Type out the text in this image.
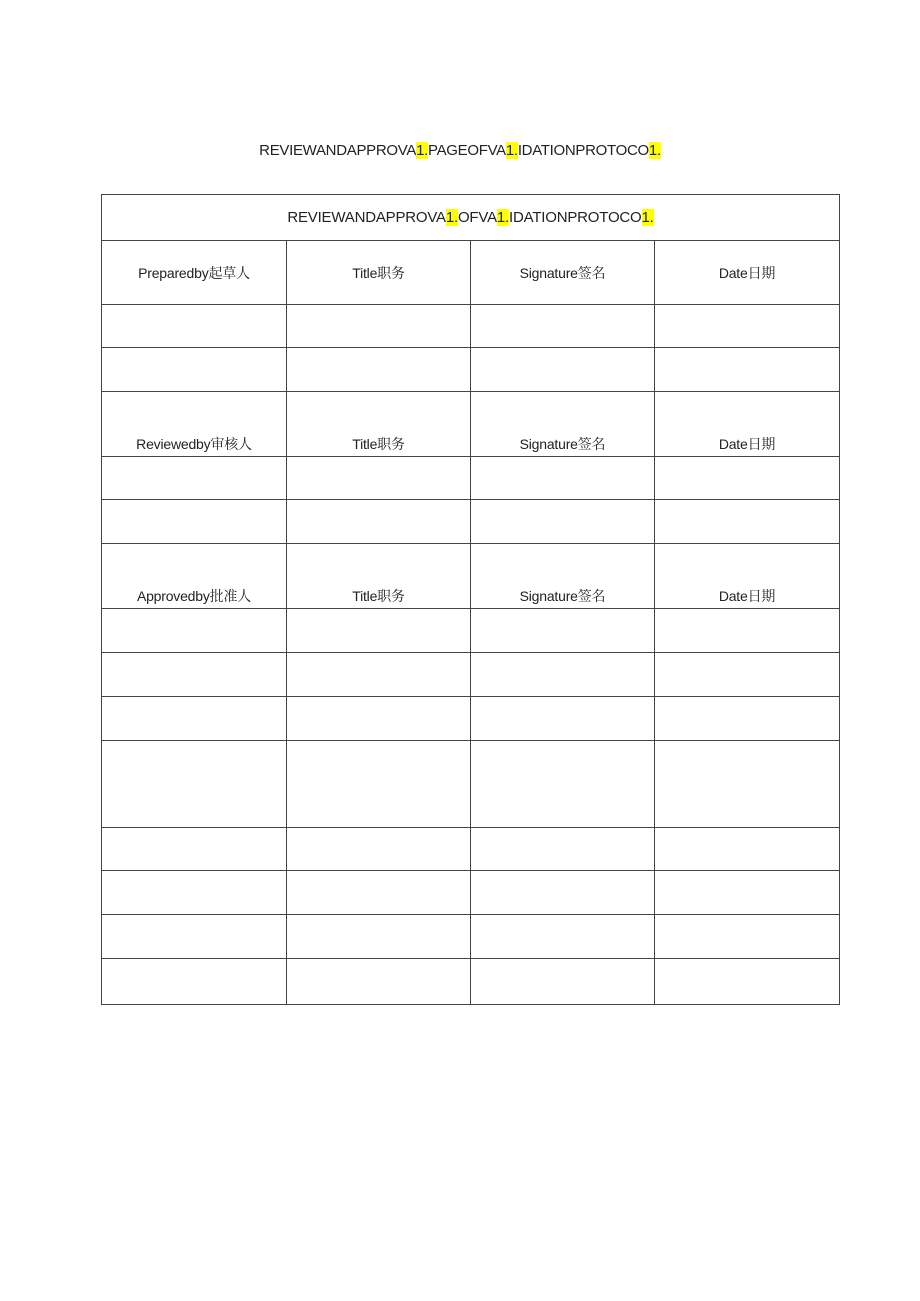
REVIEWANDAPPROVA1.PAGEOFVA1.IDATIONPROTOCO1.
REVIEWANDAPPROVA1.OFVA1.IDATIONPROTOCO1.			
Preparedby起草人	Title职务	Signature签名	Date日期

Reviewedby审核人	Title职务	Signature签名	Date日期

Approvedby批准人	Title职务	Signature签名	Date日期
